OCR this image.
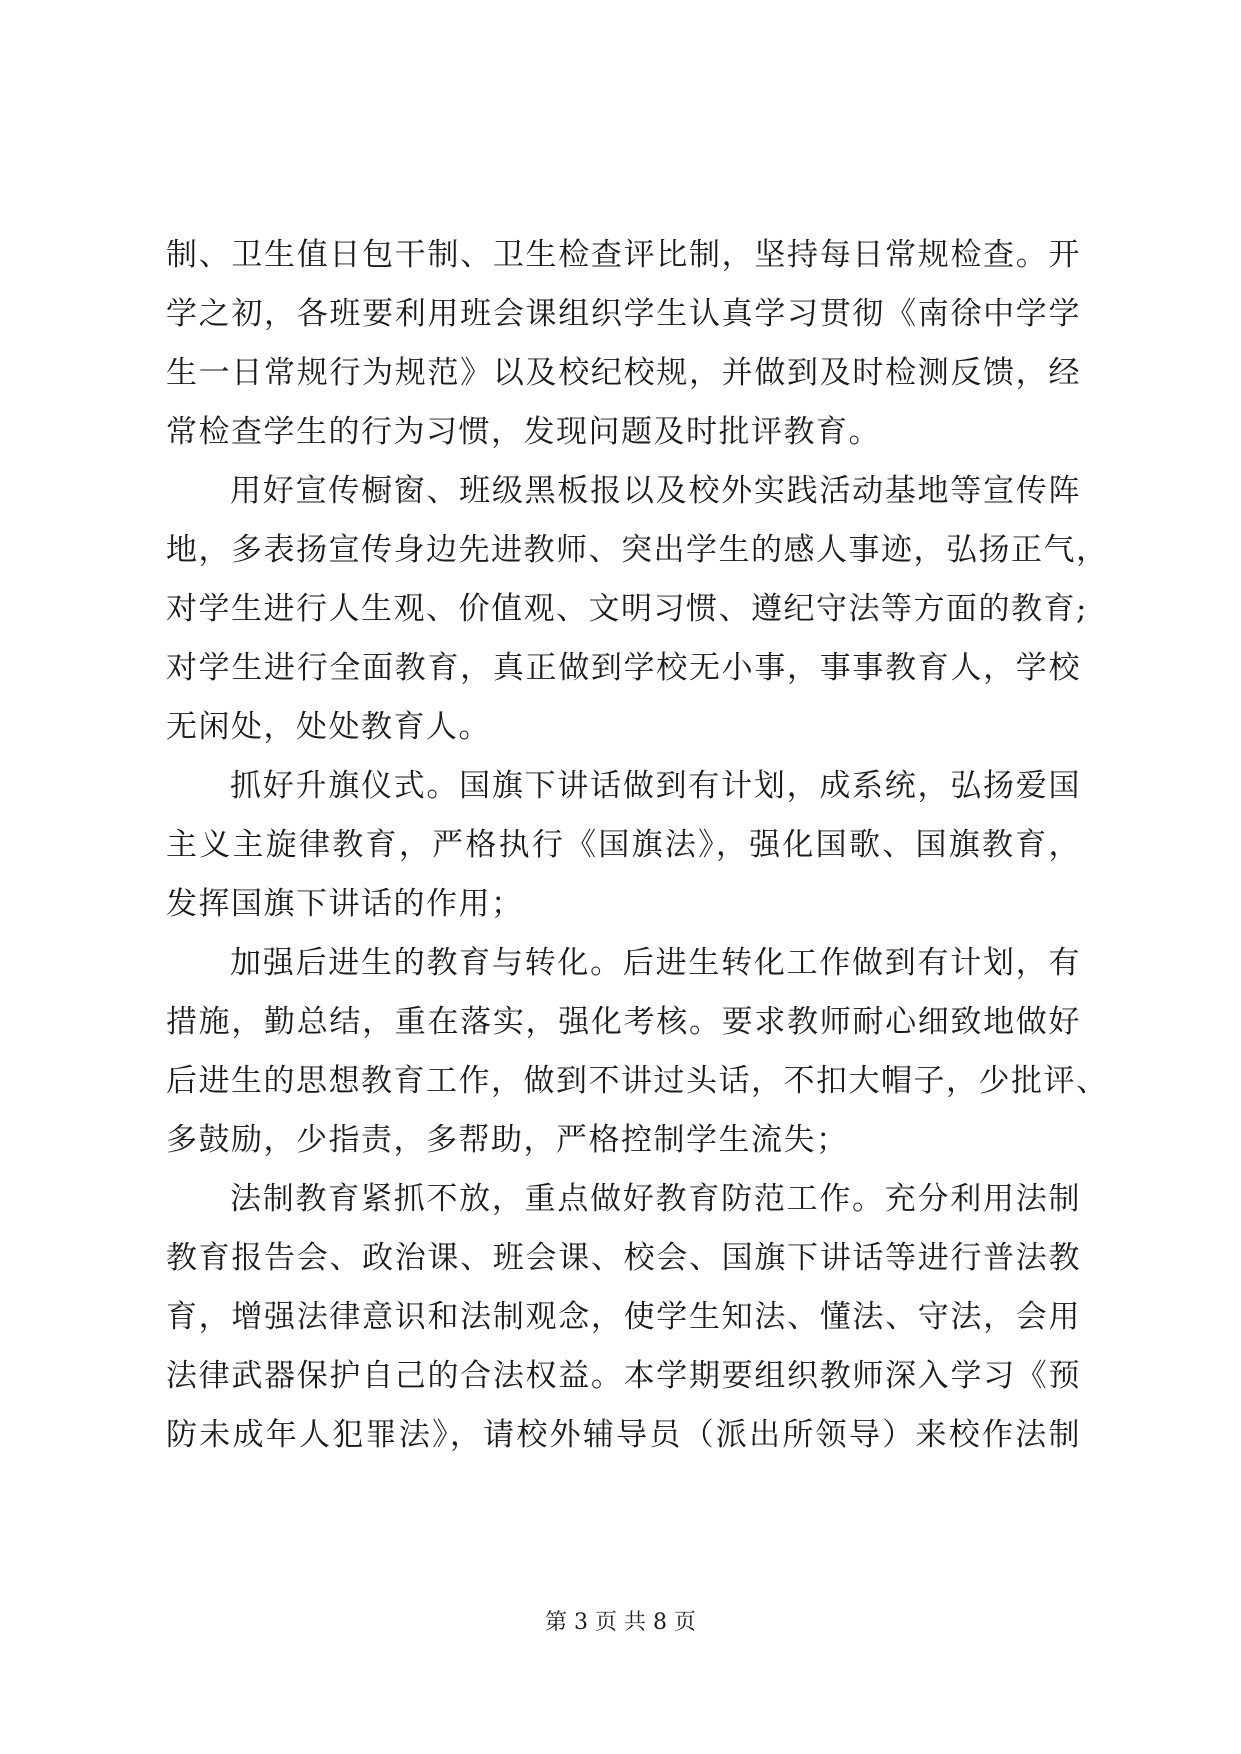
制、卫生值日包干制、卫生检查评比制，坚持每日常规检查。开
学之初，各班要利用班会课组织学生认真学习贯彻《南徐中学学
生一日常规行为规范》以及校纪校规，并做到及时检测反馈，经
常检查学生的行为习惯，发现问题及时批评教育。
用好宣传橱窗、班级黑板报以及校外实践活动基地等宣传阵
地，多表扬宣传身边先进教师、突出学生的感人事迹，弘扬正气，
对学生进行人生观、价值观、文明习惯、遵纪守法等方面的教育;
对学生进行全面教育，真正做到学校无小事，事事教育人，学校
无闲处，处处教育人。
抓好升旗仪式。国旗下讲话做到有计划，成系统，弘扬爱国
主义主旋律教育，严格执行《国旗法》，强化国歌、国旗教育，
发挥国旗下讲话的作用；
加强后进生的教育与转化。后进生转化工作做到有计划，有
措施，勤总结，重在落实，强化考核。要求教师耐心细致地做好
后进生的思想教育工作，做到不讲过头话，不扣大帽子，少批评、
多鼓励，少指责，多帮助，严格控制学生流失；
法制教育紧抓不放，重点做好教育防范工作。充分利用法制
教育报告会、政治课、班会课、校会、国旗下讲话等进行普法教
育，增强法律意识和法制观念，使学生知法、懂法、守法，会用
法律武器保护自己的合法权益。本学期要组织教师深入学习《预
防未成年人犯罪法》，请校外辅导员（派出所领导）来校作法制
第 3 页 共 8 页
